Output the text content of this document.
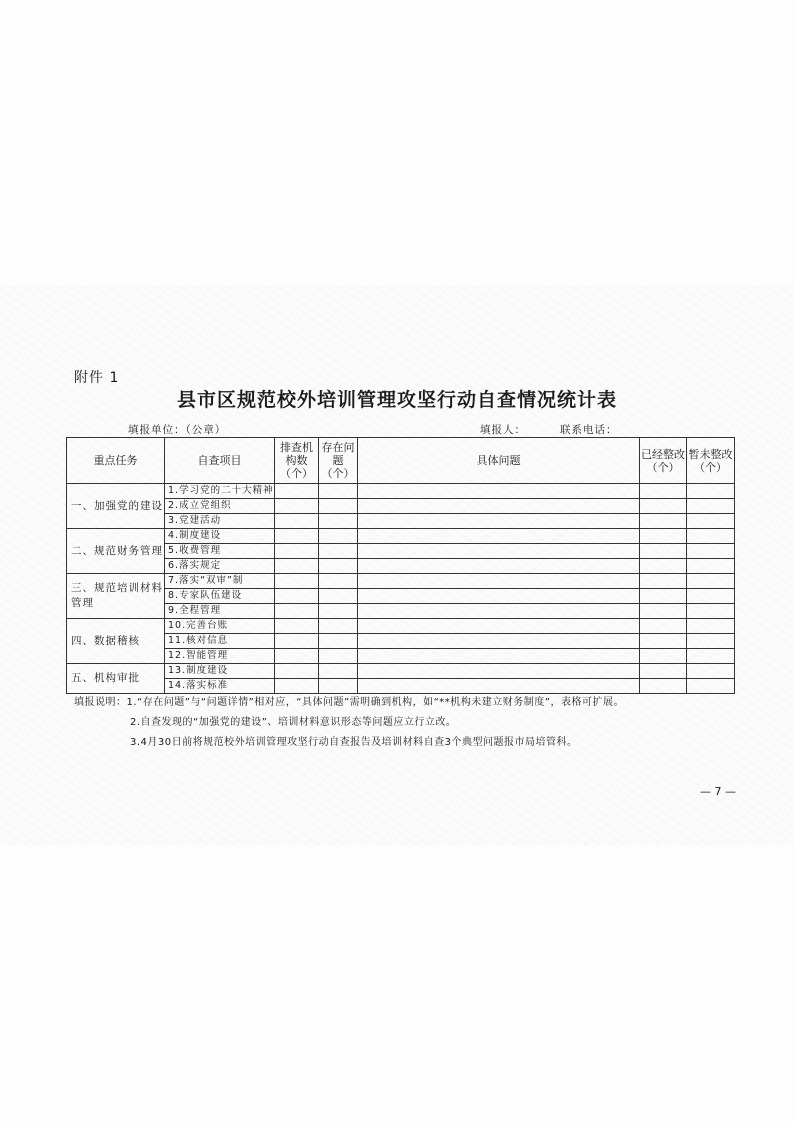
附件 1
县市区规范校外培训管理攻坚行动自查情况统计表
填报单位：（公章）	填报人：	联系电话：
重点任务	自查项目	排查机构数（个）	存在问题（个）	具体问题	已经整改（个）	暂未整改（个）
一、加强党的建设	1.学习党的二十大精神					
	2.成立党组织					
	3.党建活动					
二、规范财务管理	4.制度建设					
	5.收费管理					
	6.落实规定					
三、规范培训材料管理	7.落实“双审”制					
	8.专家队伍建设					
	9.全程管理					
四、数据稽核	10.完善台账					
	11.核对信息					
	12.智能管理					
五、机构审批	13.制度建设					
	14.落实标准					
填报说明：1.“存在问题”与“问题详情”相对应，“具体问题”需明确到机构，如“**机构未建立财务制度”，表格可扩展。
2.自查发现的“加强党的建设”、培训材料意识形态等问题应立行立改。
3.4月30日前将规范校外培训管理攻坚行动自查报告及培训材料自查3个典型问题报市局培管科。
— 7 —
